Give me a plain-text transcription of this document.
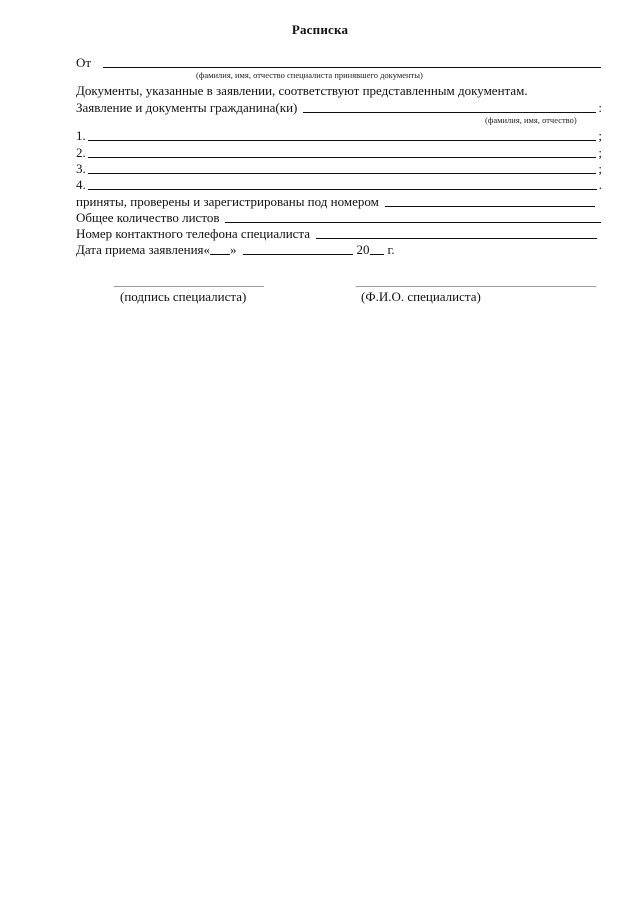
Расписка
От
(фамилия, имя, отчество специалиста принявшего документы)
Документы, указанные в заявлении, соответствуют представленным документам.
Заявление и документы гражданина(ки)	:
(фамилия, имя, отчество)
1.	;
2.	;
3.	;
4.	.
приняты, проверены и зарегистрированы под номером
Общее количество листов
Номер контактного телефона специалиста
Дата приема заявления« »	20 г.
(подпись специалиста)	(Ф.И.О. специалиста)
